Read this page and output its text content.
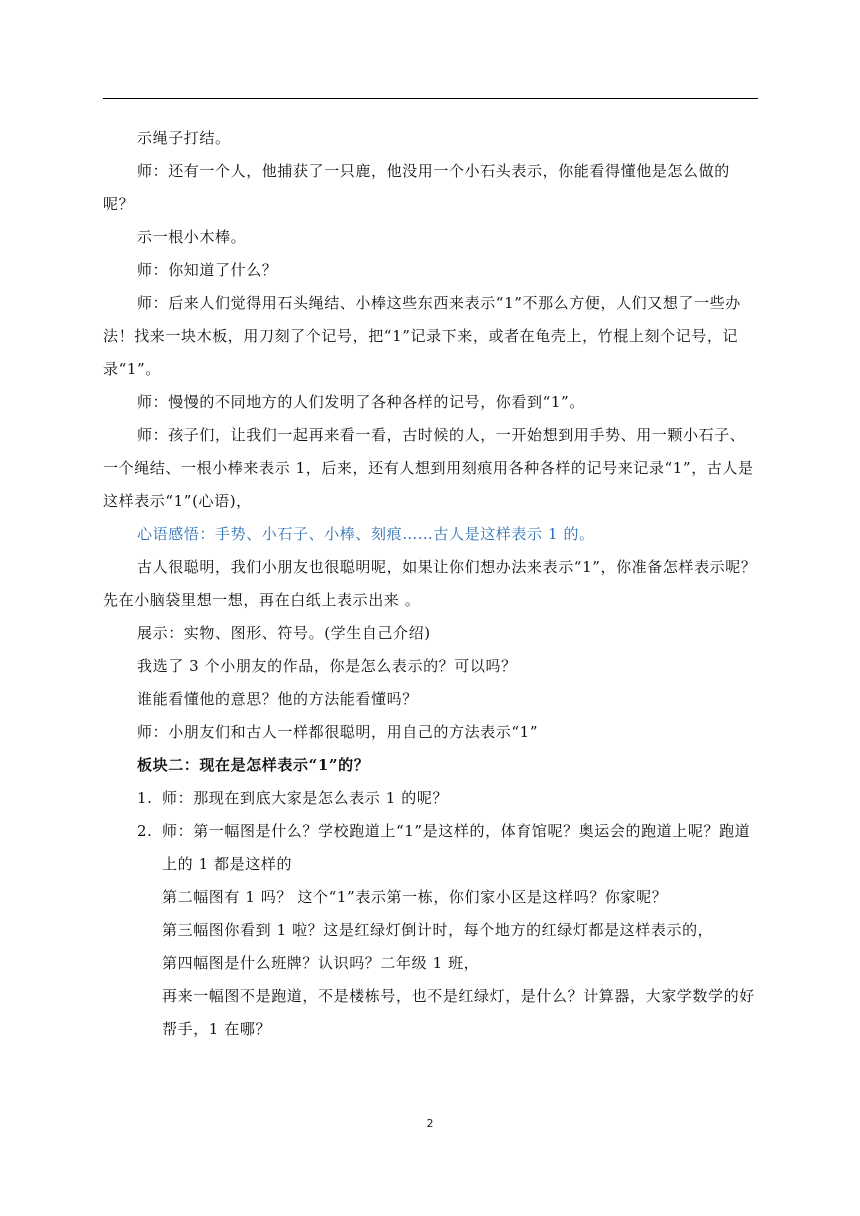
示绳子打结。

师：还有一个人，他捕获了一只鹿，他没用一个小石头表示，你能看得懂他是怎么做的呢？

示一根小木棒。

师：你知道了什么？

师：后来人们觉得用石头绳结、小棒这些东西来表示“1”不那么方便，人们又想了一些办法！找来一块木板，用刀刻了个记号，把“1”记录下来，或者在龟壳上，竹棍上刻个记号，记录“1”。

师：慢慢的不同地方的人们发明了各种各样的记号，你看到“1”。

师：孩子们，让我们一起再来看一看，古时候的人，一开始想到用手势、用一颗小石子、一个绳结、一根小棒来表示 1，后来，还有人想到用刻痕用各种各样的记号来记录“1”，古人是这样表示“1”(心语)，

心语感悟：手势、小石子、小棒、刻痕……古人是这样表示 1 的。

古人很聪明，我们小朋友也很聪明呢，如果让你们想办法来表示“1”，你准备怎样表示呢？先在小脑袋里想一想，再在白纸上表示出来 。

展示：实物、图形、符号。(学生自己介绍)

我选了 3 个小朋友的作品，你是怎么表示的？可以吗？

谁能看懂他的意思？他的方法能看懂吗？

师：小朋友们和古人一样都很聪明，用自己的方法表示“1”

板块二：现在是怎样表示“1”的？

1. 师：那现在到底大家是怎么表示 1 的呢？
2. 师：第一幅图是什么？学校跑道上“1”是这样的，体育馆呢？奥运会的跑道上呢？跑道上的 1 都是这样的

第二幅图有 1 吗？ 这个“1”表示第一栋，你们家小区是这样吗？你家呢？

第三幅图你看到 1 啦？这是红绿灯倒计时，每个地方的红绿灯都是这样表示的，

第四幅图是什么班牌？认识吗？二年级 1 班，

再来一幅图不是跑道，不是楼栋号，也不是红绿灯，是什么？计算器，大家学数学的好帮手，1 在哪？

2
